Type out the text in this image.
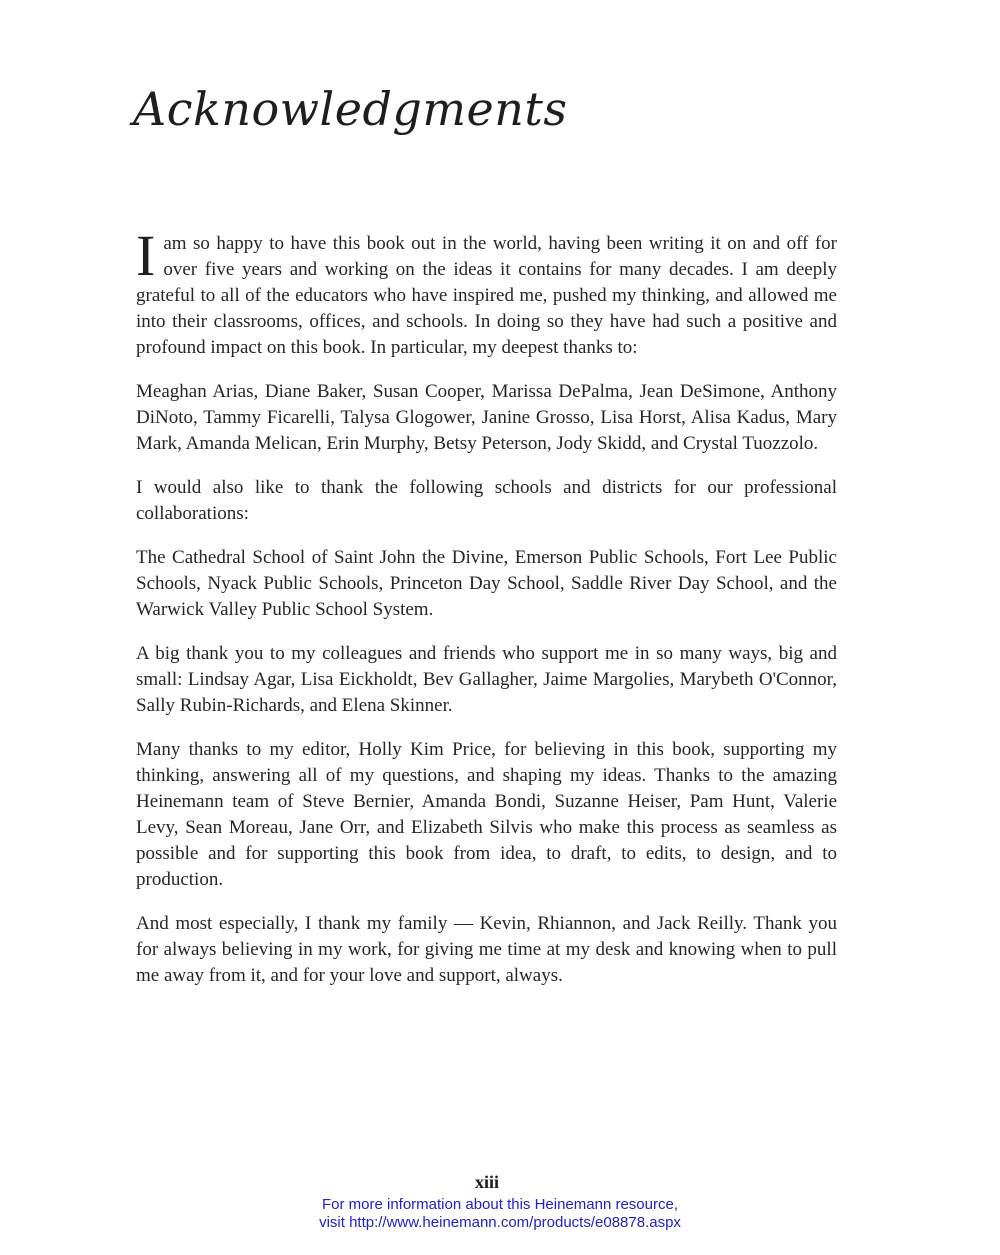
Acknowledgments

Iam so happy to have this book out in the world, having been writing it on and off for over five years and working on the ideas it contains for many decades. I am deeply grateful to all of the educators who have inspired me, pushed my thinking, and allowed me into their classrooms, offices, and schools. In doing so they have had such a positive and profound impact on this book. In particular, my deepest thanks to:

Meaghan Arias, Diane Baker, Susan Cooper, Marissa DePalma, Jean DeSimone, Anthony DiNoto, Tammy Ficarelli, Talysa Glogower, Janine Grosso, Lisa Horst, Alisa Kadus, Mary Mark, Amanda Melican, Erin Murphy, Betsy Peterson, Jody Skidd, and Crystal Tuozzolo.

I would also like to thank the following schools and districts for our professional collaborations:

The Cathedral School of Saint John the Divine, Emerson Public Schools, Fort Lee Public Schools, Nyack Public Schools, Princeton Day School, Saddle River Day School, and the Warwick Valley Public School System.

A big thank you to my colleagues and friends who support me in so many ways, big and small: Lindsay Agar, Lisa Eickholdt, Bev Gallagher, Jaime Margolies, Marybeth O'Connor, Sally Rubin-Richards, and Elena Skinner.

Many thanks to my editor, Holly Kim Price, for believing in this book, supporting my thinking, answering all of my questions, and shaping my ideas. Thanks to the amazing Heinemann team of Steve Bernier, Amanda Bondi, Suzanne Heiser, Pam Hunt, Valerie Levy, Sean Moreau, Jane Orr, and Elizabeth Silvis who make this process as seamless as possible and for supporting this book from idea, to draft, to edits, to design, and to production.

And most especially, I thank my family — Kevin, Rhiannon, and Jack Reilly. Thank you for always believing in my work, for giving me time at my desk and knowing when to pull me away from it, and for your love and support, always.

xiii
For more information about this Heinemann resource,
visit http://www.heinemann.com/products/e08878.aspx
